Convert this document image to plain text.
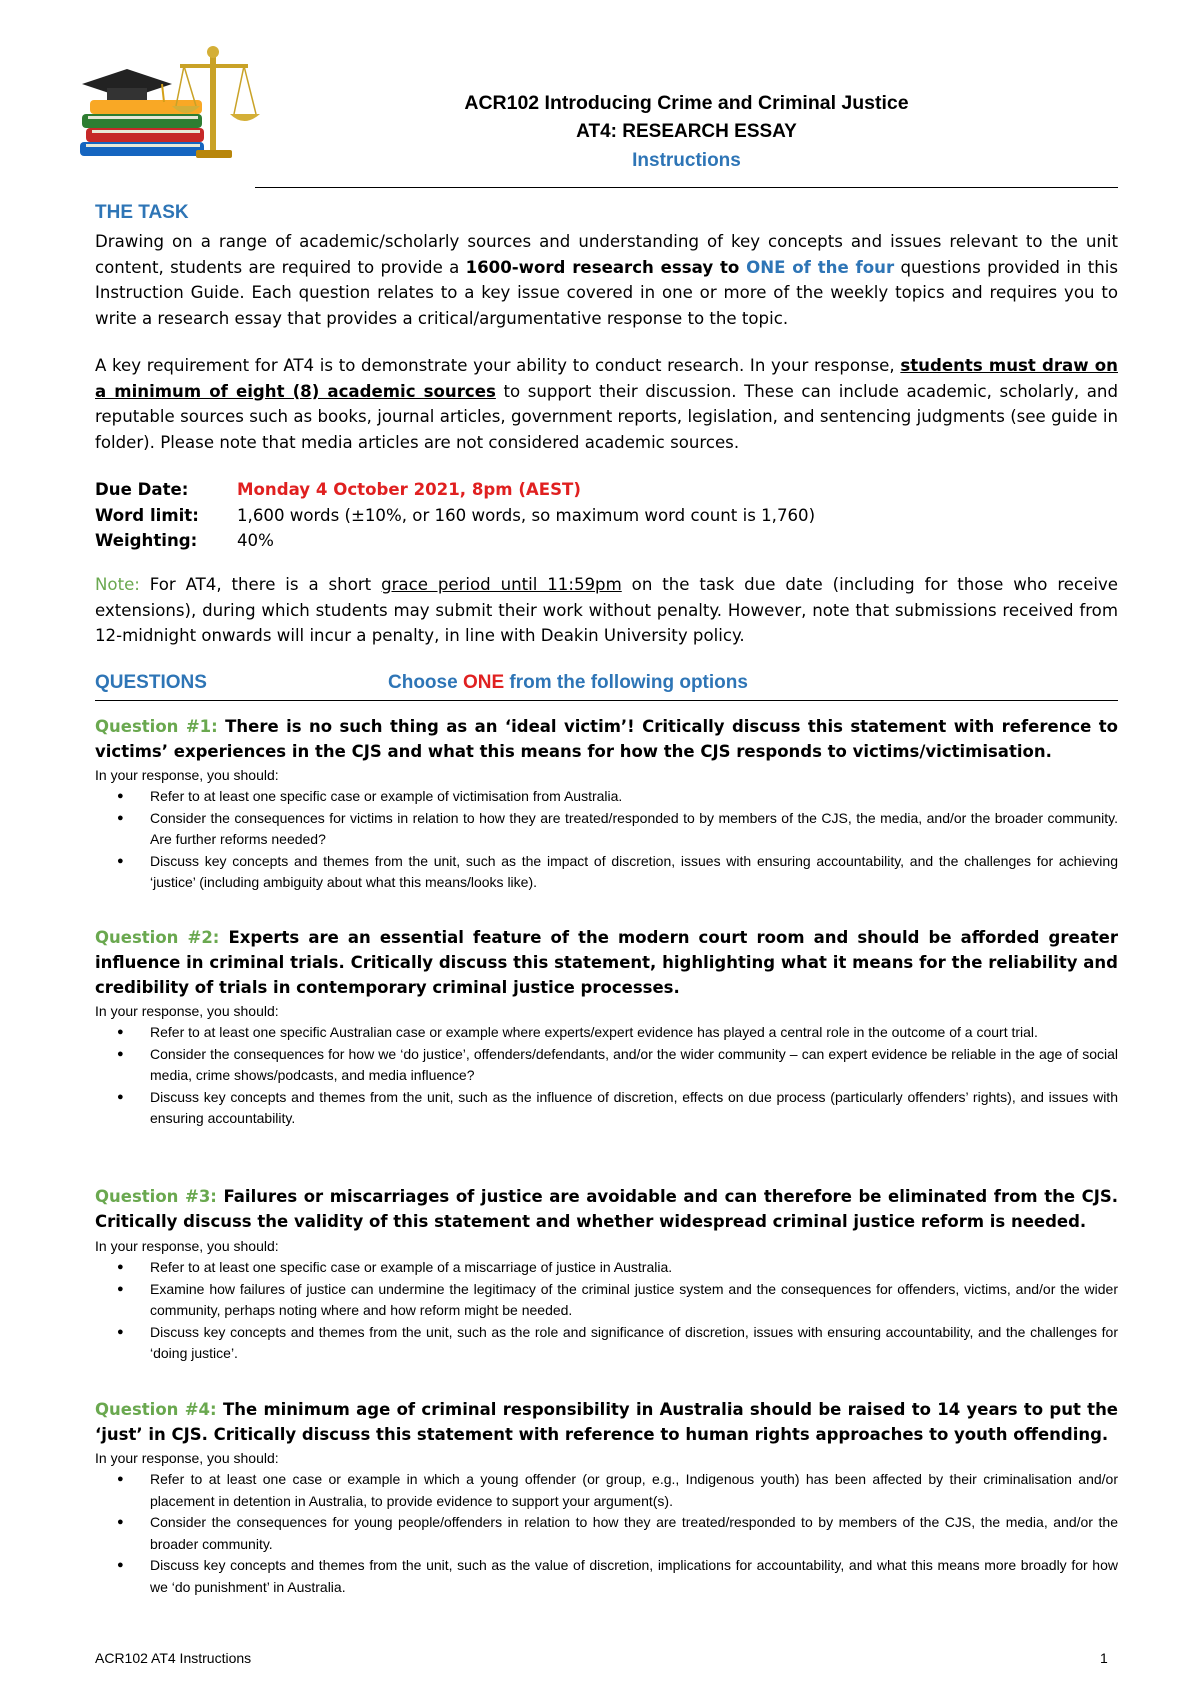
ACR102 Introducing Crime and Criminal Justice
AT4: RESEARCH ESSAY
Instructions
THE TASK
Drawing on a range of academic/scholarly sources and understanding of key concepts and issues relevant to the unit content, students are required to provide a 1600-word research essay to ONE of the four questions provided in this Instruction Guide. Each question relates to a key issue covered in one or more of the weekly topics and requires you to write a research essay that provides a critical/argumentative response to the topic.
A key requirement for AT4 is to demonstrate your ability to conduct research. In your response, students must draw on a minimum of eight (8) academic sources to support their discussion. These can include academic, scholarly, and reputable sources such as books, journal articles, government reports, legislation, and sentencing judgments (see guide in folder). Please note that media articles are not considered academic sources.
Due Date:	Monday 4 October 2021, 8pm (AEST)
Word limit:	1,600 words (±10%, or 160 words, so maximum word count is 1,760)
Weighting:	40%
Note: For AT4, there is a short grace period until 11:59pm on the task due date (including for those who receive extensions), during which students may submit their work without penalty. However, note that submissions received from 12-midnight onwards will incur a penalty, in line with Deakin University policy.
QUESTIONS	Choose ONE from the following options
Question #1: There is no such thing as an ‘ideal victim’! Critically discuss this statement with reference to victims’ experiences in the CJS and what this means for how the CJS responds to victims/victimisation.
In your response, you should:
● Refer to at least one specific case or example of victimisation from Australia.
● Consider the consequences for victims in relation to how they are treated/responded to by members of the CJS, the media, and/or the broader community. Are further reforms needed?
● Discuss key concepts and themes from the unit, such as the impact of discretion, issues with ensuring accountability, and the challenges for achieving ‘justice’ (including ambiguity about what this means/looks like).
Question #2: Experts are an essential feature of the modern court room and should be afforded greater influence in criminal trials. Critically discuss this statement, highlighting what it means for the reliability and credibility of trials in contemporary criminal justice processes.
In your response, you should:
● Refer to at least one specific Australian case or example where experts/expert evidence has played a central role in the outcome of a court trial.
● Consider the consequences for how we ‘do justice’, offenders/defendants, and/or the wider community – can expert evidence be reliable in the age of social media, crime shows/podcasts, and media influence?
● Discuss key concepts and themes from the unit, such as the influence of discretion, effects on due process (particularly offenders’ rights), and issues with ensuring accountability.
Question #3: Failures or miscarriages of justice are avoidable and can therefore be eliminated from the CJS. Critically discuss the validity of this statement and whether widespread criminal justice reform is needed.
In your response, you should:
● Refer to at least one specific case or example of a miscarriage of justice in Australia.
● Examine how failures of justice can undermine the legitimacy of the criminal justice system and the consequences for offenders, victims, and/or the wider community, perhaps noting where and how reform might be needed.
● Discuss key concepts and themes from the unit, such as the role and significance of discretion, issues with ensuring accountability, and the challenges for ‘doing justice’.
Question #4: The minimum age of criminal responsibility in Australia should be raised to 14 years to put the ‘just’ in CJS. Critically discuss this statement with reference to human rights approaches to youth offending.
In your response, you should:
● Refer to at least one case or example in which a young offender (or group, e.g., Indigenous youth) has been affected by their criminalisation and/or placement in detention in Australia, to provide evidence to support your argument(s).
● Consider the consequences for young people/offenders in relation to how they are treated/responded to by members of the CJS, the media, and/or the broader community.
● Discuss key concepts and themes from the unit, such as the value of discretion, implications for accountability, and what this means more broadly for how we ‘do punishment’ in Australia.
ACR102 AT4 Instructions	1
